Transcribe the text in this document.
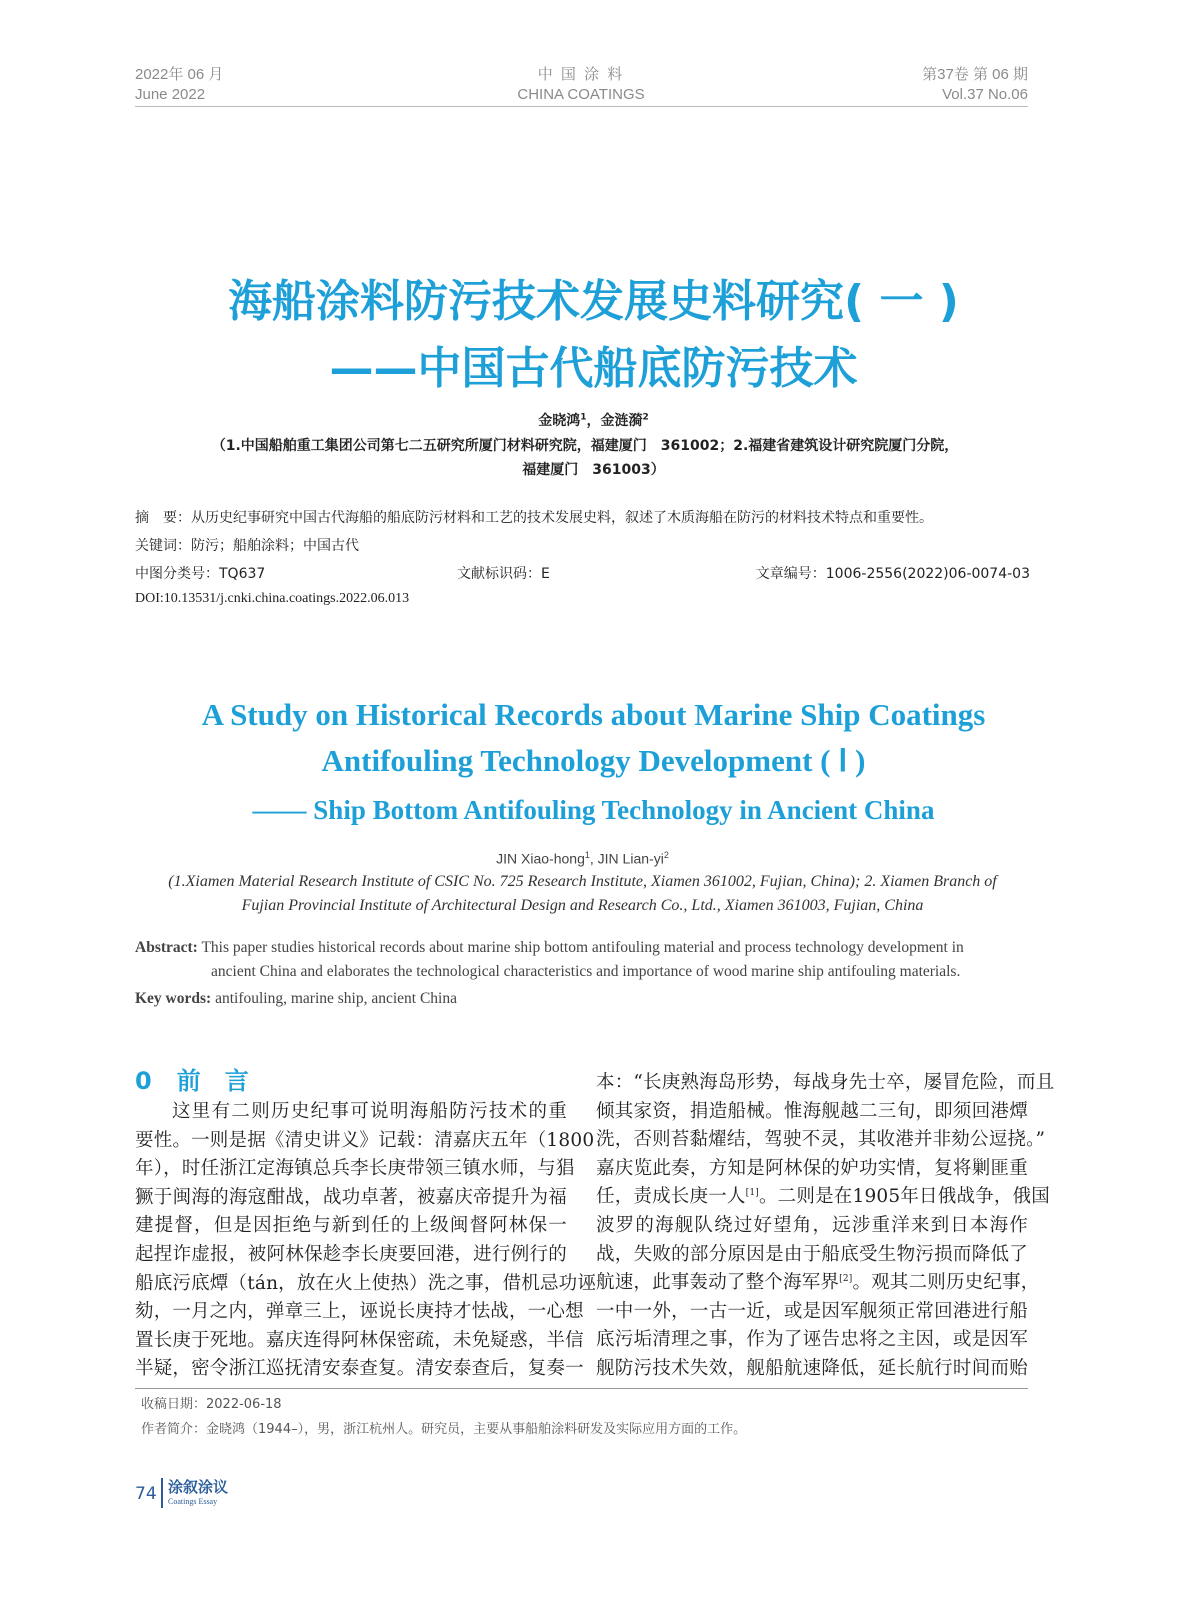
2022年 06 月
June 2022
中 国 涂 料
CHINA COATINGS
第37卷 第 06 期
Vol.37 No.06
海船涂料防污技术发展史料研究( 一 )
——中国古代船底防污技术
金晓鸿$^1$，金涟漪$^2$
（1.中国船舶重工集团公司第七二五研究所厦门材料研究院，福建厦门　361002；2.福建省建筑设计研究院厦门分院，
福建厦门　361003）
摘　要：从历史纪事研究中国古代海船的船底防污材料和工艺的技术发展史料，叙述了木质海船在防污的材料技术特点和重要性。
关键词：防污；船舶涂料；中国古代
中图分类号：TQ637	文献标识码：E	文章编号：1006-2556(2022)06-0074-03
DOI:10.13531/j.cnki.china.coatings.2022.06.013
A Study on Historical Records about Marine Ship Coatings
Antifouling Technology Development ( Ⅰ )
—— Ship Bottom Antifouling Technology in Ancient China
JIN Xiao-hong$^1$, JIN Lian-$yi^2$
(1.Xiamen Material Research Institute of CSIC No. 725 Research Institute, Xiamen 361002, Fujian, China); 2. Xiamen Branch of
Fujian Provincial Institute of Architectural Design and Research Co., Ltd., Xiamen 361003, Fujian, China
Abstract: This paper studies historical records about marine ship bottom antifouling material and process technology development in
ancient China and elaborates the technological characteristics and importance of wood marine ship antifouling materials.
Key words: antifouling, marine ship, ancient China
0 前　言
这里有二则历史纪事可说明海船防污技术的重
要性。一则是据《清史讲义》记载：清嘉庆五年（1800
年），时任浙江定海镇总兵李长庚带领三镇水师，与猖
獗于闽海的海寇酣战，战功卓著，被嘉庆帝提升为福
建提督，但是因拒绝与新到任的上级闽督阿林保一
起捏诈虚报，被阿林保趁李长庚要回港，进行例行的
船底污底燂（tán，放在火上使热）洗之事，借机忌功诬
劾，一月之内，弹章三上，诬说长庚持才怯战，一心想
置长庚于死地。嘉庆连得阿林保密疏，未免疑惑，半信
半疑，密令浙江巡抚清安泰查复。清安泰查后，复奏一
本：“长庚熟海岛形势，每战身先士卒，屡冒危险，而且
倾其家资，捐造船械。惟海舰越二三旬，即须回港燂
洗，否则苔黏燿结，驾驶不灵，其收港并非劾公逗挠。”
嘉庆览此奏，方知是阿林保的妒功实情，复将剿匪重
任，责成长庚一人[1]。二则是在1905年日俄战争，俄国
波罗的海舰队绕过好望角，远涉重洋来到日本海作
战，失败的部分原因是由于船底受生物污损而降低了
航速，此事轰动了整个海军界[2]。观其二则历史纪事，
一中一外，一古一近，或是因军舰须正常回港进行船
底污垢清理之事，作为了诬告忠将之主因，或是因军
舰防污技术失效，舰船航速降低，延长航行时间而贻
收稿日期：2022-06-18
作者简介：金晓鸿（1944–），男，浙江杭州人。研究员，主要从事船舶涂料研发及实际应用方面的工作。
74 涂叙涂议
Coatings Essay
